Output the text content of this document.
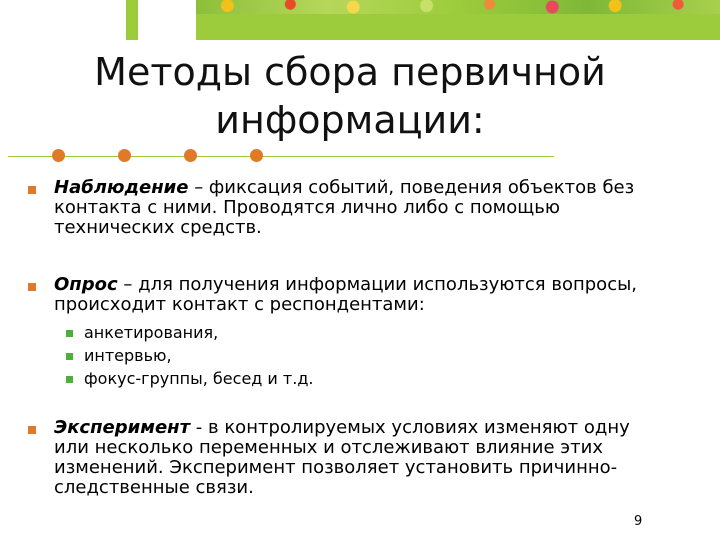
Методы сбора первичной
информации:
Наблюдение – фиксация событий, поведения объектов без
контакта с ними. Проводятся лично либо с помощью
технических средств.
Опрос – для получения информации используются вопросы,
происходит контакт с респондентами:
анкетирования,
интервью,
фокус-группы, бесед и т.д.
Эксперимент - в контролируемых условиях изменяют одну
или несколько переменных и отслеживают влияние этих
изменений. Эксперимент позволяет установить причинно-
следственные связи.
9
